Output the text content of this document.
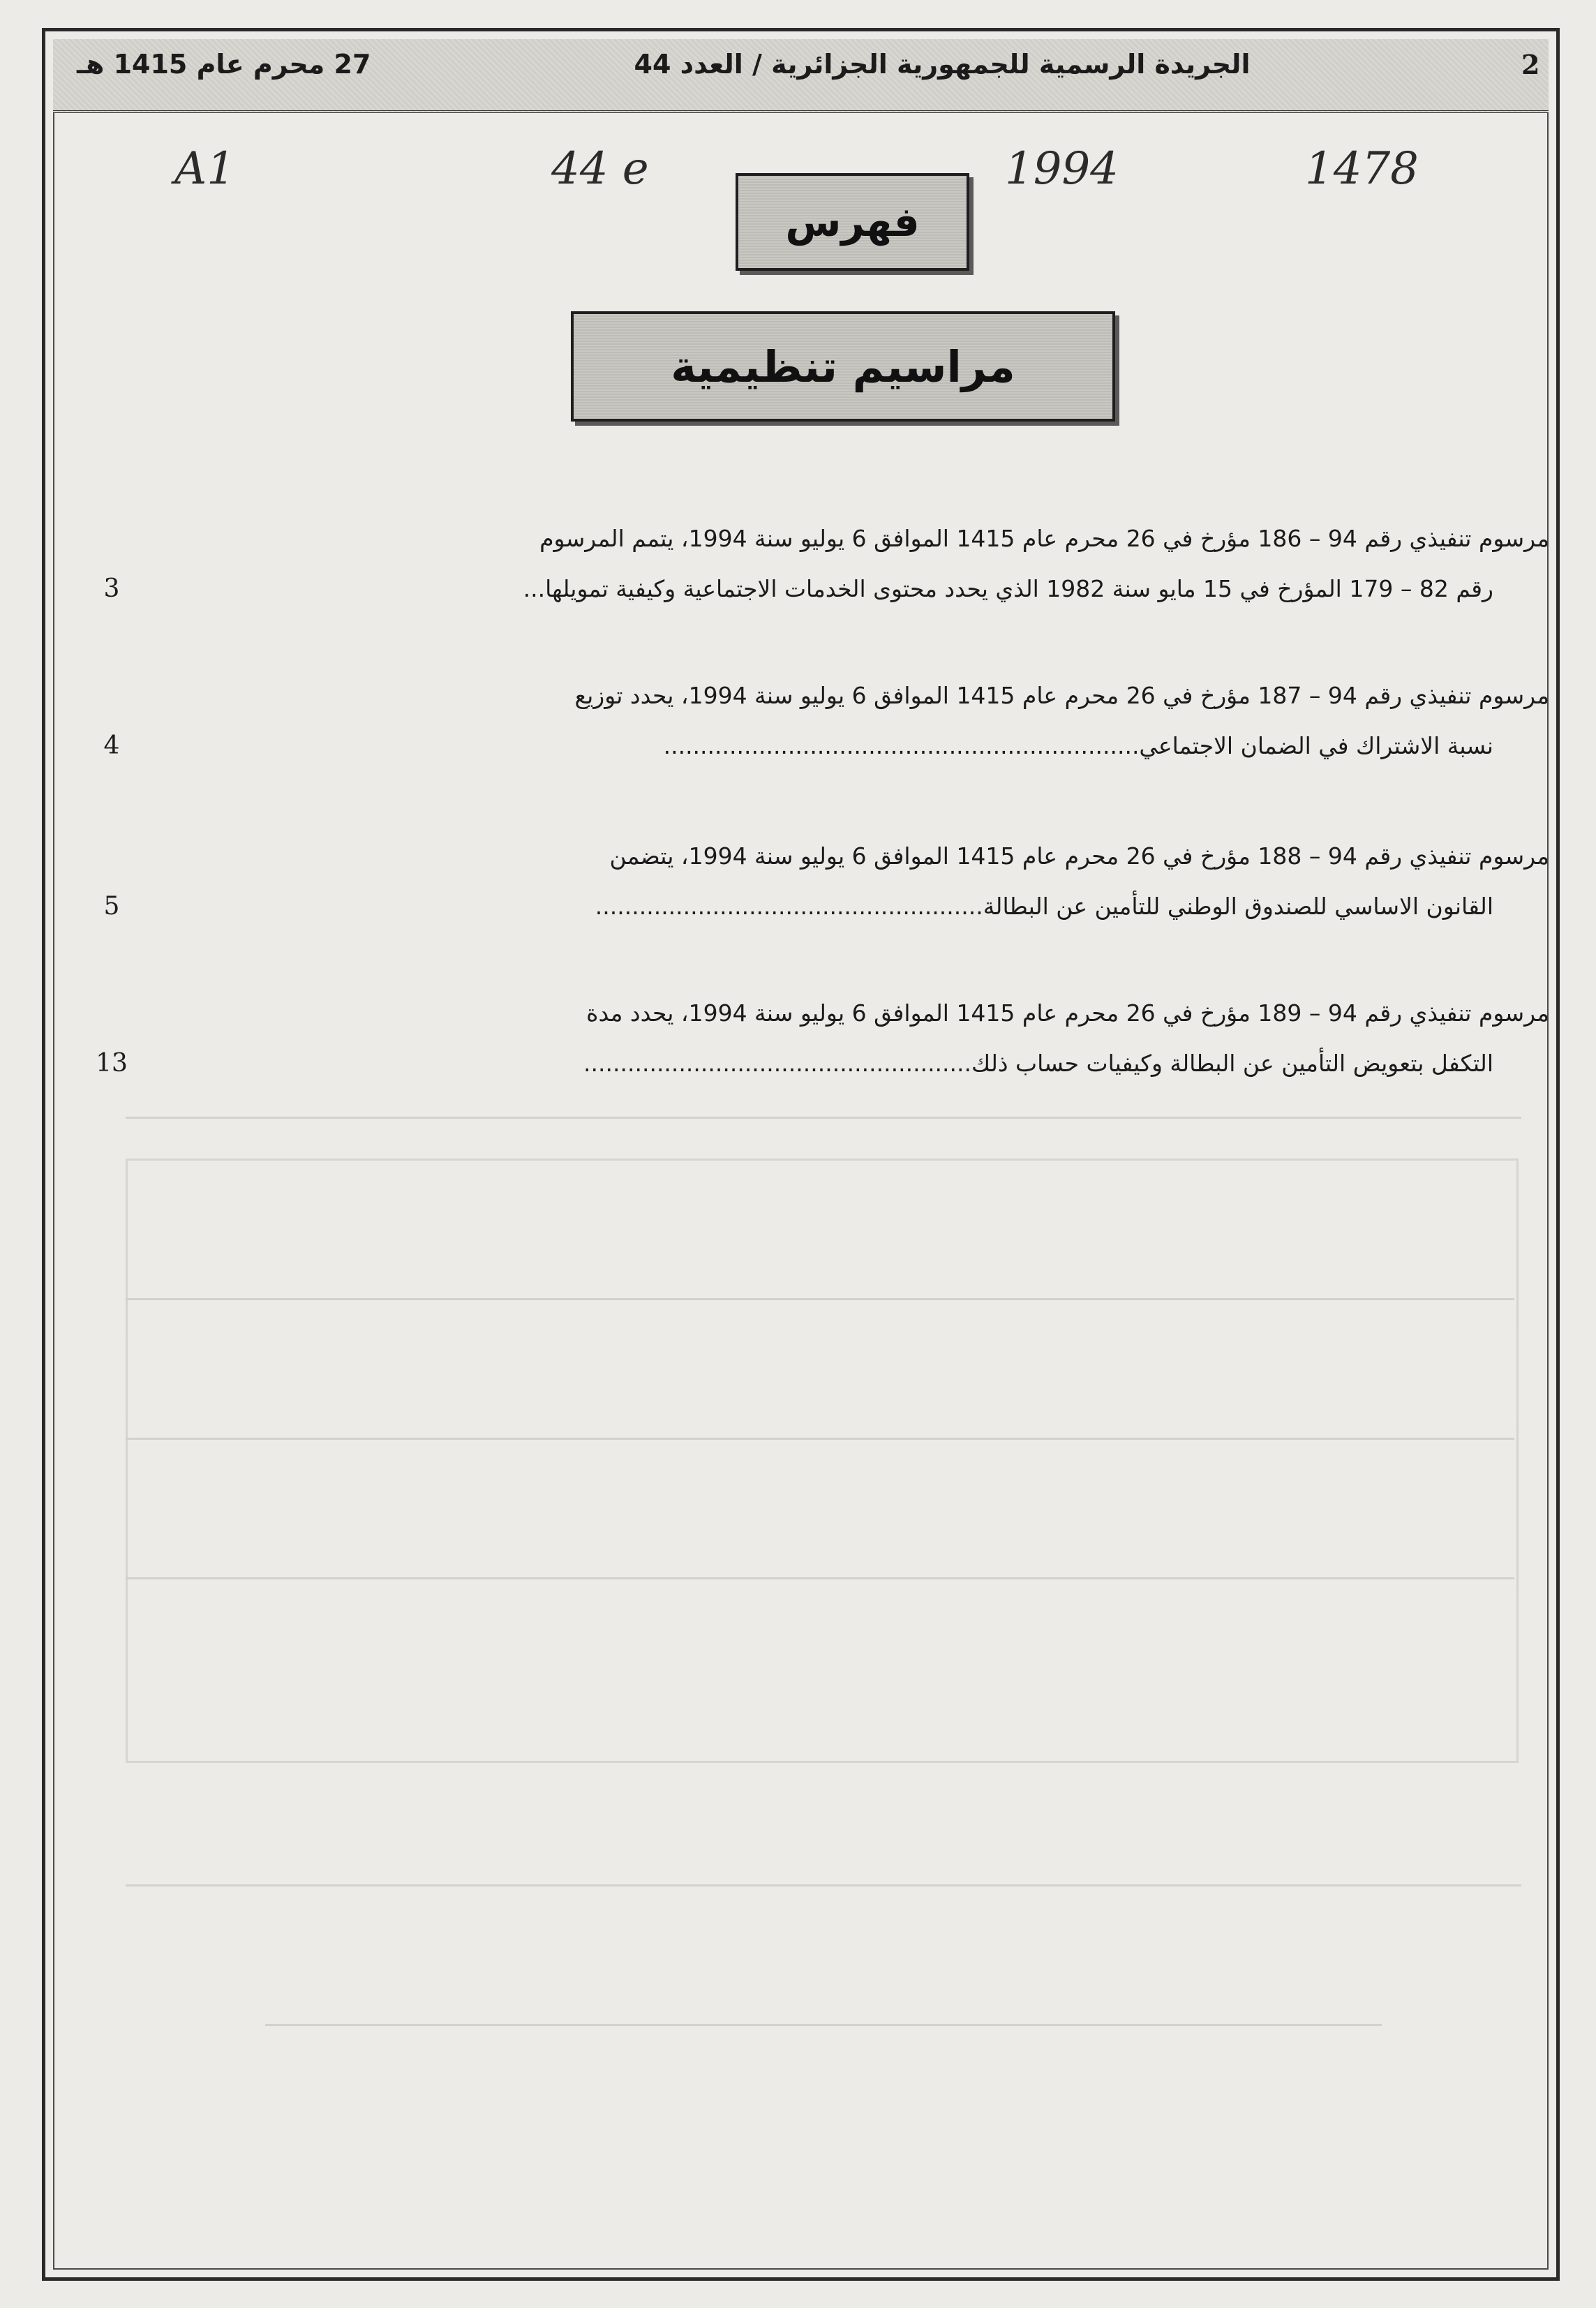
2
الجريدة الرسمية للجمهورية الجزائرية / العدد 44
27 محرم عام 1415 هـ
A1	44 e	1994	1478
فهرس
مراسيم تنظيمية
مرسوم تنفيذي رقم 94 – 186 مؤرخ في 26 محرم عام 1415 الموافق 6 يوليو سنة 1994، يتمم المرسوم
رقم 82 – 179 المؤرخ في 15 مايو سنة 1982 الذي يحدد محتوى الخدمات الاجتماعية وكيفية تمويلها...
3
مرسوم تنفيذي رقم 94 – 187 مؤرخ في 26 محرم عام 1415 الموافق 6 يوليو سنة 1994، يحدد توزيع
نسبة الاشتراك في الضمان الاجتماعي.................................................................
4
مرسوم تنفيذي رقم 94 – 188 مؤرخ في 26 محرم عام 1415 الموافق 6 يوليو سنة 1994، يتضمن
القانون الاساسي للصندوق الوطني للتأمين عن البطالة.....................................................
5
مرسوم تنفيذي رقم 94 – 189 مؤرخ في 26 محرم عام 1415 الموافق 6 يوليو سنة 1994، يحدد مدة
التكفل بتعويض التأمين عن البطالة وكيفيات حساب ذلك.....................................................
13
